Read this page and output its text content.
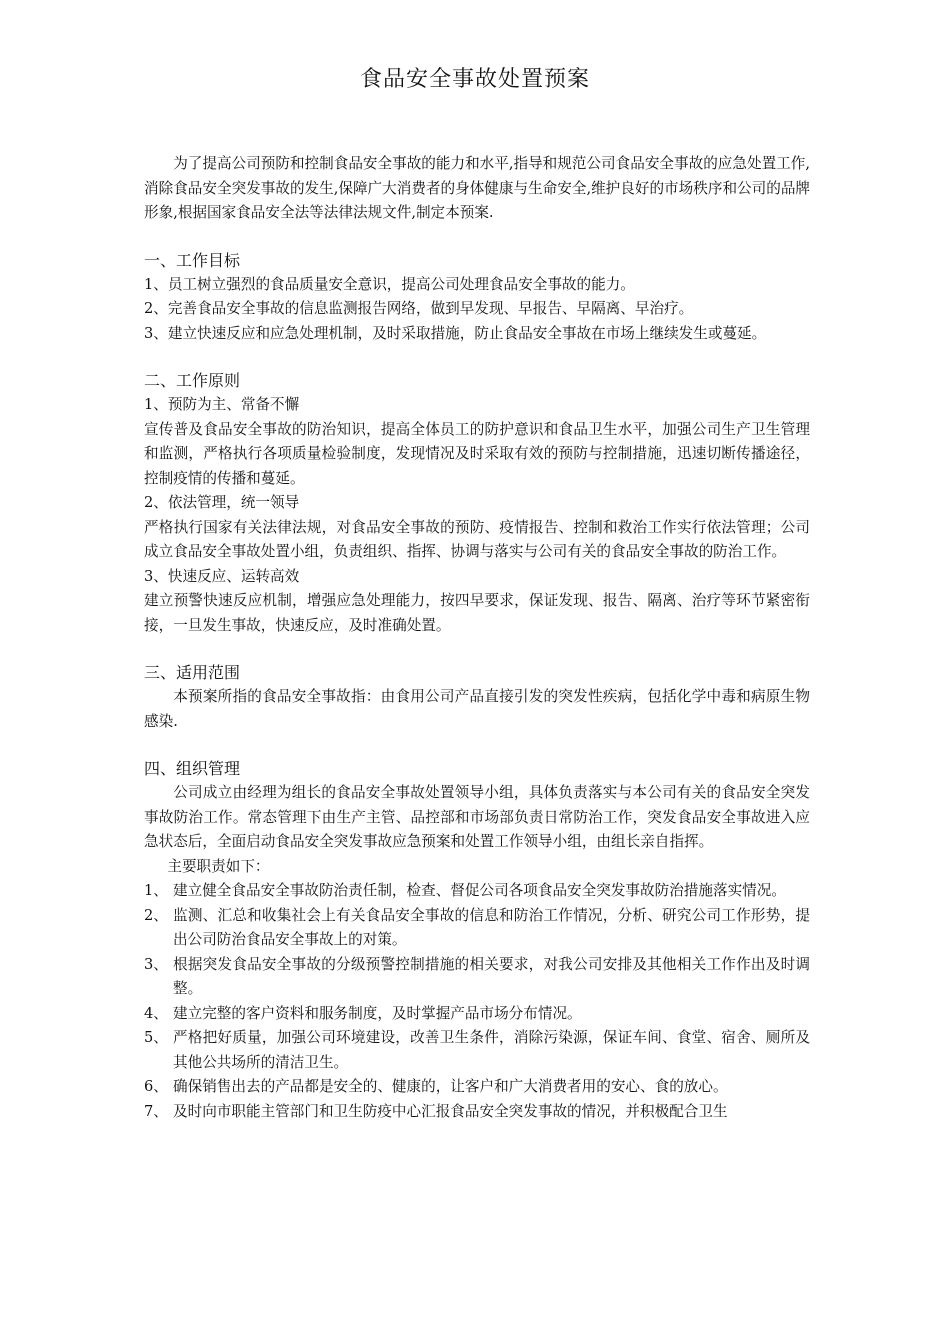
食品安全事故处置预案

为了提高公司预防和控制食品安全事故的能力和水平,指导和规范公司食品安全事故的应急处置工作,消除食品安全突发事故的发生,保障广大消费者的身体健康与生命安全,维护良好的市场秩序和公司的品牌形象,根据国家食品安全法等法律法规文件,制定本预案.

一、工作目标

1、员工树立强烈的食品质量安全意识，提高公司处理食品安全事故的能力。

2、完善食品安全事故的信息监测报告网络，做到早发现、早报告、早隔离、早治疗。

3、建立快速反应和应急处理机制，及时采取措施，防止食品安全事故在市场上继续发生或蔓延。

二、工作原则

1、预防为主、常备不懈

宣传普及食品安全事故的防治知识，提高全体员工的防护意识和食品卫生水平，加强公司生产卫生管理和监测，严格执行各项质量检验制度，发现情况及时采取有效的预防与控制措施，迅速切断传播途径，控制疫情的传播和蔓延。

2、依法管理，统一领导

严格执行国家有关法律法规，对食品安全事故的预防、疫情报告、控制和救治工作实行依法管理；公司成立食品安全事故处置小组，负责组织、指挥、协调与落实与公司有关的食品安全事故的防治工作。

3、快速反应、运转高效

建立预警快速反应机制，增强应急处理能力，按四早要求，保证发现、报告、隔离、治疗等环节紧密衔接，一旦发生事故，快速反应，及时准确处置。

三、适用范围

本预案所指的食品安全事故指：由食用公司产品直接引发的突发性疾病，包括化学中毒和病原生物感染.

四、组织管理

公司成立由经理为组长的食品安全事故处置领导小组，具体负责落实与本公司有关的食品安全突发事故防治工作。常态管理下由生产主管、品控部和市场部负责日常防治工作，突发食品安全事故进入应急状态后，全面启动食品安全突发事故应急预案和处置工作领导小组，由组长亲自指挥。

主要职责如下：

1、 建立健全食品安全事故防治责任制，检查、督促公司各项食品安全突发事故防治措施落实情况。
2、 监测、汇总和收集社会上有关食品安全事故的信息和防治工作情况，分析、研究公司工作形势，提出公司防治食品安全事故上的对策。
3、 根据突发食品安全事故的分级预警控制措施的相关要求，对我公司安排及其他相关工作作出及时调整。
4、 建立完整的客户资料和服务制度，及时掌握产品市场分布情况。
5、 严格把好质量，加强公司环境建设，改善卫生条件，消除污染源，保证车间、食堂、宿舍、厕所及其他公共场所的清洁卫生。
6、 确保销售出去的产品都是安全的、健康的，让客户和广大消费者用的安心、食的放心。
7、 及时向市职能主管部门和卫生防疫中心汇报食品安全突发事故的情况，并积极配合卫生
